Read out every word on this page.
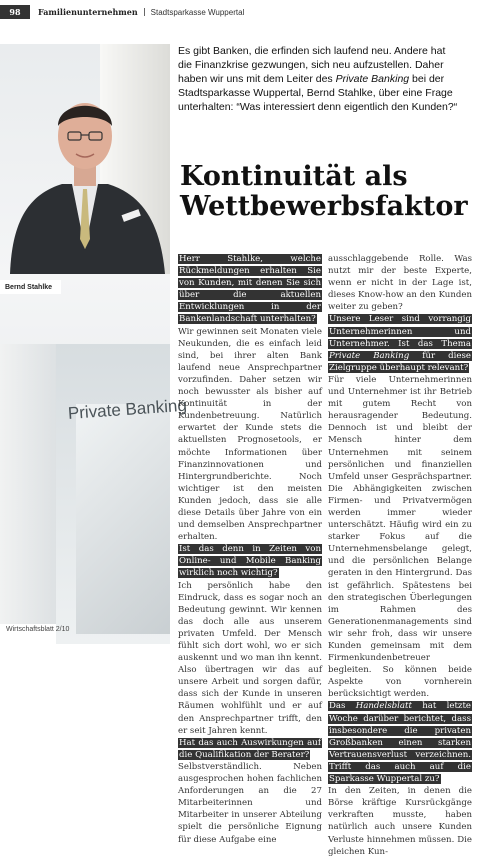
98	Familienunternehmen Stadtsparkasse Wuppertal
Bernd Stahlke
Private Banking
Es gibt Banken, die erfinden sich laufend neu. Andere hat die Finanzkrise gezwungen, sich neu aufzustellen. Daher haben wir uns mit dem Leiter des Private Banking bei der Stadtsparkasse Wuppertal, Bernd Stahlke, über eine Frage unterhalten: “Was interessiert denn eigentlich den Kunden?“
Kontinuität als Wettbewerbsfaktor

Herr Stahlke, welche Rückmeldungen erhalten Sie von Kunden, mit denen Sie sich über die aktuellen Entwicklungen in der Bankenlandschaft unterhalten?

Wir gewinnen seit Monaten viele Neukunden, die es einfach leid sind, bei ihrer alten Bank laufend neue Ansprechpartner vorzufinden. Daher setzen wir noch bewusster als bisher auf Kontinuität in der Kundenbetreuung. Natürlich erwartet der Kunde stets die aktuellsten Prognosetools, er möchte Informationen über Finanzinnovationen und Hintergrundberichte. Noch wichtiger ist den meisten Kunden jedoch, dass sie alle diese Details über Jahre von ein und demselben Ansprechpartner erhalten.

Ist das denn in Zeiten von Online- und Mobile Banking wirklich noch wichtig?

Ich persönlich habe den Eindruck, dass es sogar noch an Bedeutung gewinnt. Wir kennen das doch alle aus unserem privaten Umfeld. Der Mensch fühlt sich dort wohl, wo er sich auskennt und wo man ihn kennt. Also übertragen wir das auf unsere Arbeit und sorgen dafür, dass sich der Kunde in unseren Räumen wohlfühlt und er auf den Ansprechpartner trifft, den er seit Jahren kennt.

Hat das auch Auswirkungen auf die Qualifikation der Berater?

Selbstverständlich. Neben ausgesprochen hohen fachlichen Anforderungen an die 27 Mitarbeiterinnen und Mitarbeiter in unserer Abteilung spielt die persönliche Eignung für diese Aufgabe eine

ausschlaggebende Rolle. Was nutzt mir der beste Experte, wenn er nicht in der Lage ist, dieses Know-how an den Kunden weiter zu geben?

Unsere Leser sind vorrangig Unternehmerinnen und Unternehmer. Ist das Thema Private Banking für diese Zielgruppe überhaupt relevant?

Für viele Unternehmerinnen und Unternehmer ist ihr Betrieb mit gutem Recht von herausragender Bedeutung. Dennoch ist und bleibt der Mensch hinter dem Unternehmen mit seinem persönlichen und finanziellen Umfeld unser Gesprächspartner. Die Abhängigkeiten zwischen Firmen- und Privatvermögen werden immer wieder unterschätzt. Häufig wird ein zu starker Fokus auf die Unternehmensbelange gelegt, und die persönlichen Belange geraten in den Hintergrund. Das ist gefährlich. Spätestens bei den strategischen Überlegungen im Rahmen des Generationenmanagements sind wir sehr froh, dass wir unsere Kunden gemeinsam mit dem Firmenkundenbetreuer begleiten. So können beide Aspekte von vornherein berücksichtigt werden.

Das Handelsblatt hat letzte Woche darüber berichtet, dass insbesondere die privaten Großbanken einen starken Vertrauensverlust verzeichnen. Trifft das auch auf die Sparkasse Wuppertal zu?

In den Zeiten, in denen die Börse kräftige Kursrückgänge verkraften musste, haben natürlich auch unsere Kunden Verluste hinnehmen müssen. Die gleichen Kun-

Wirtschaftsblatt 2/10
